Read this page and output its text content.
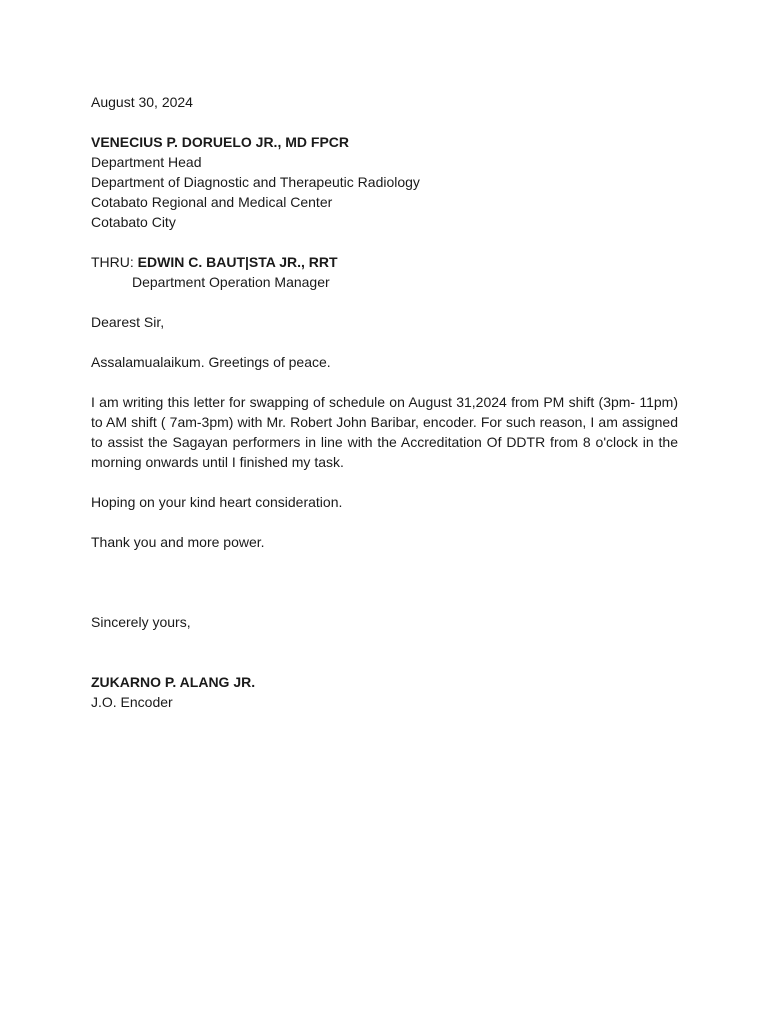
August 30, 2024
VENECIUS P. DORUELO JR., MD FPCR
Department Head
Department of Diagnostic and Therapeutic Radiology
Cotabato Regional and Medical Center
Cotabato City
THRU: EDWIN C. BAUT|STA JR., RRT
Department Operation Manager
Dearest Sir,
Assalamualaikum. Greetings of peace.
I am writing this letter for swapping of schedule on August 31,2024 from PM shift (3pm- 11pm) to AM shift ( 7am-3pm) with Mr. Robert John Baribar, encoder. For such reason, I am assigned to assist the Sagayan performers in line with the Accreditation Of DDTR from 8 o'clock in the morning onwards until I finished my task.
Hoping on your kind heart consideration.
Thank you and more power.
Sincerely yours,
ZUKARNO P. ALANG JR.
J.O. Encoder
